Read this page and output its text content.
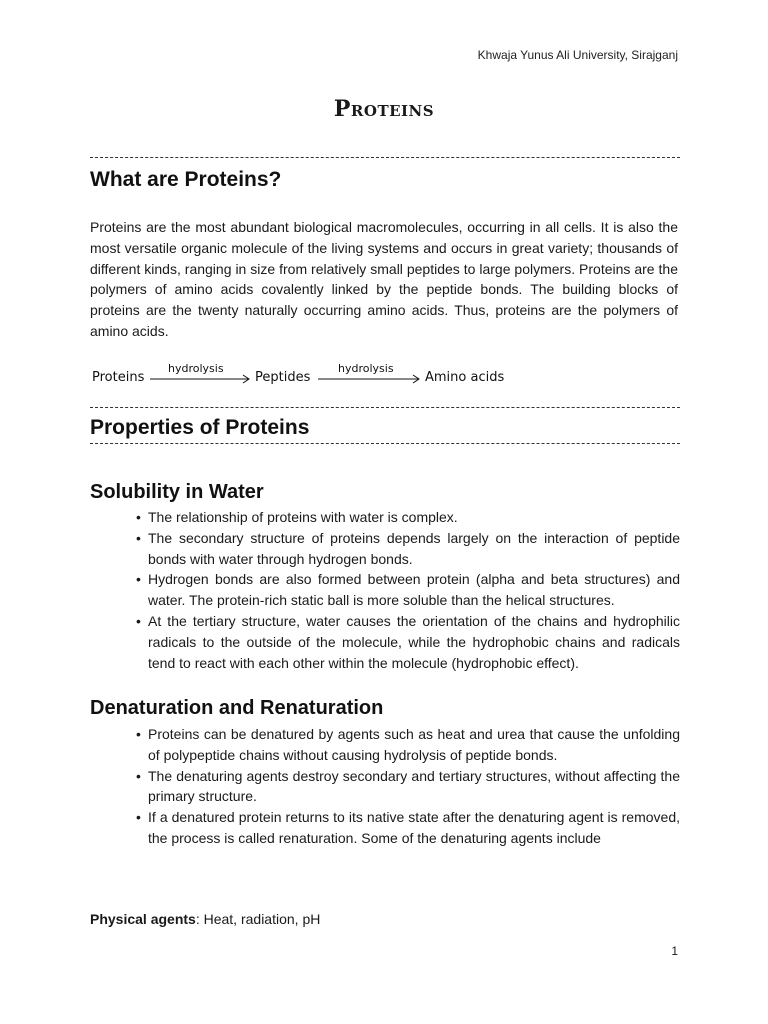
Khwaja Yunus Ali University, Sirajganj
Proteins
What are Proteins?
Proteins are the most abundant biological macromolecules, occurring in all cells. It is also the most versatile organic molecule of the living systems and occurs in great variety; thousands of different kinds, ranging in size from relatively small peptides to large polymers. Proteins are the polymers of amino acids covalently linked by the peptide bonds. The building blocks of proteins are the twenty naturally occurring amino acids. Thus, proteins are the polymers of amino acids.
Proteins
hydrolysis
Peptides
hydrolysis
Amino acids
Properties of Proteins
Solubility in Water
• The relationship of proteins with water is complex.
• The secondary structure of proteins depends largely on the interaction of peptide bonds with water through hydrogen bonds.
• Hydrogen bonds are also formed between protein (alpha and beta structures) and water. The protein-rich static ball is more soluble than the helical structures.
• At the tertiary structure, water causes the orientation of the chains and hydrophilic radicals to the outside of the molecule, while the hydrophobic chains and radicals tend to react with each other within the molecule (hydrophobic effect).
Denaturation and Renaturation
• Proteins can be denatured by agents such as heat and urea that cause the unfolding of polypeptide chains without causing hydrolysis of peptide bonds.
• The denaturing agents destroy secondary and tertiary structures, without affecting the primary structure.
• If a denatured protein returns to its native state after the denaturing agent is removed, the process is called renaturation. Some of the denaturing agents include
Physical agents: Heat, radiation, pH
1
